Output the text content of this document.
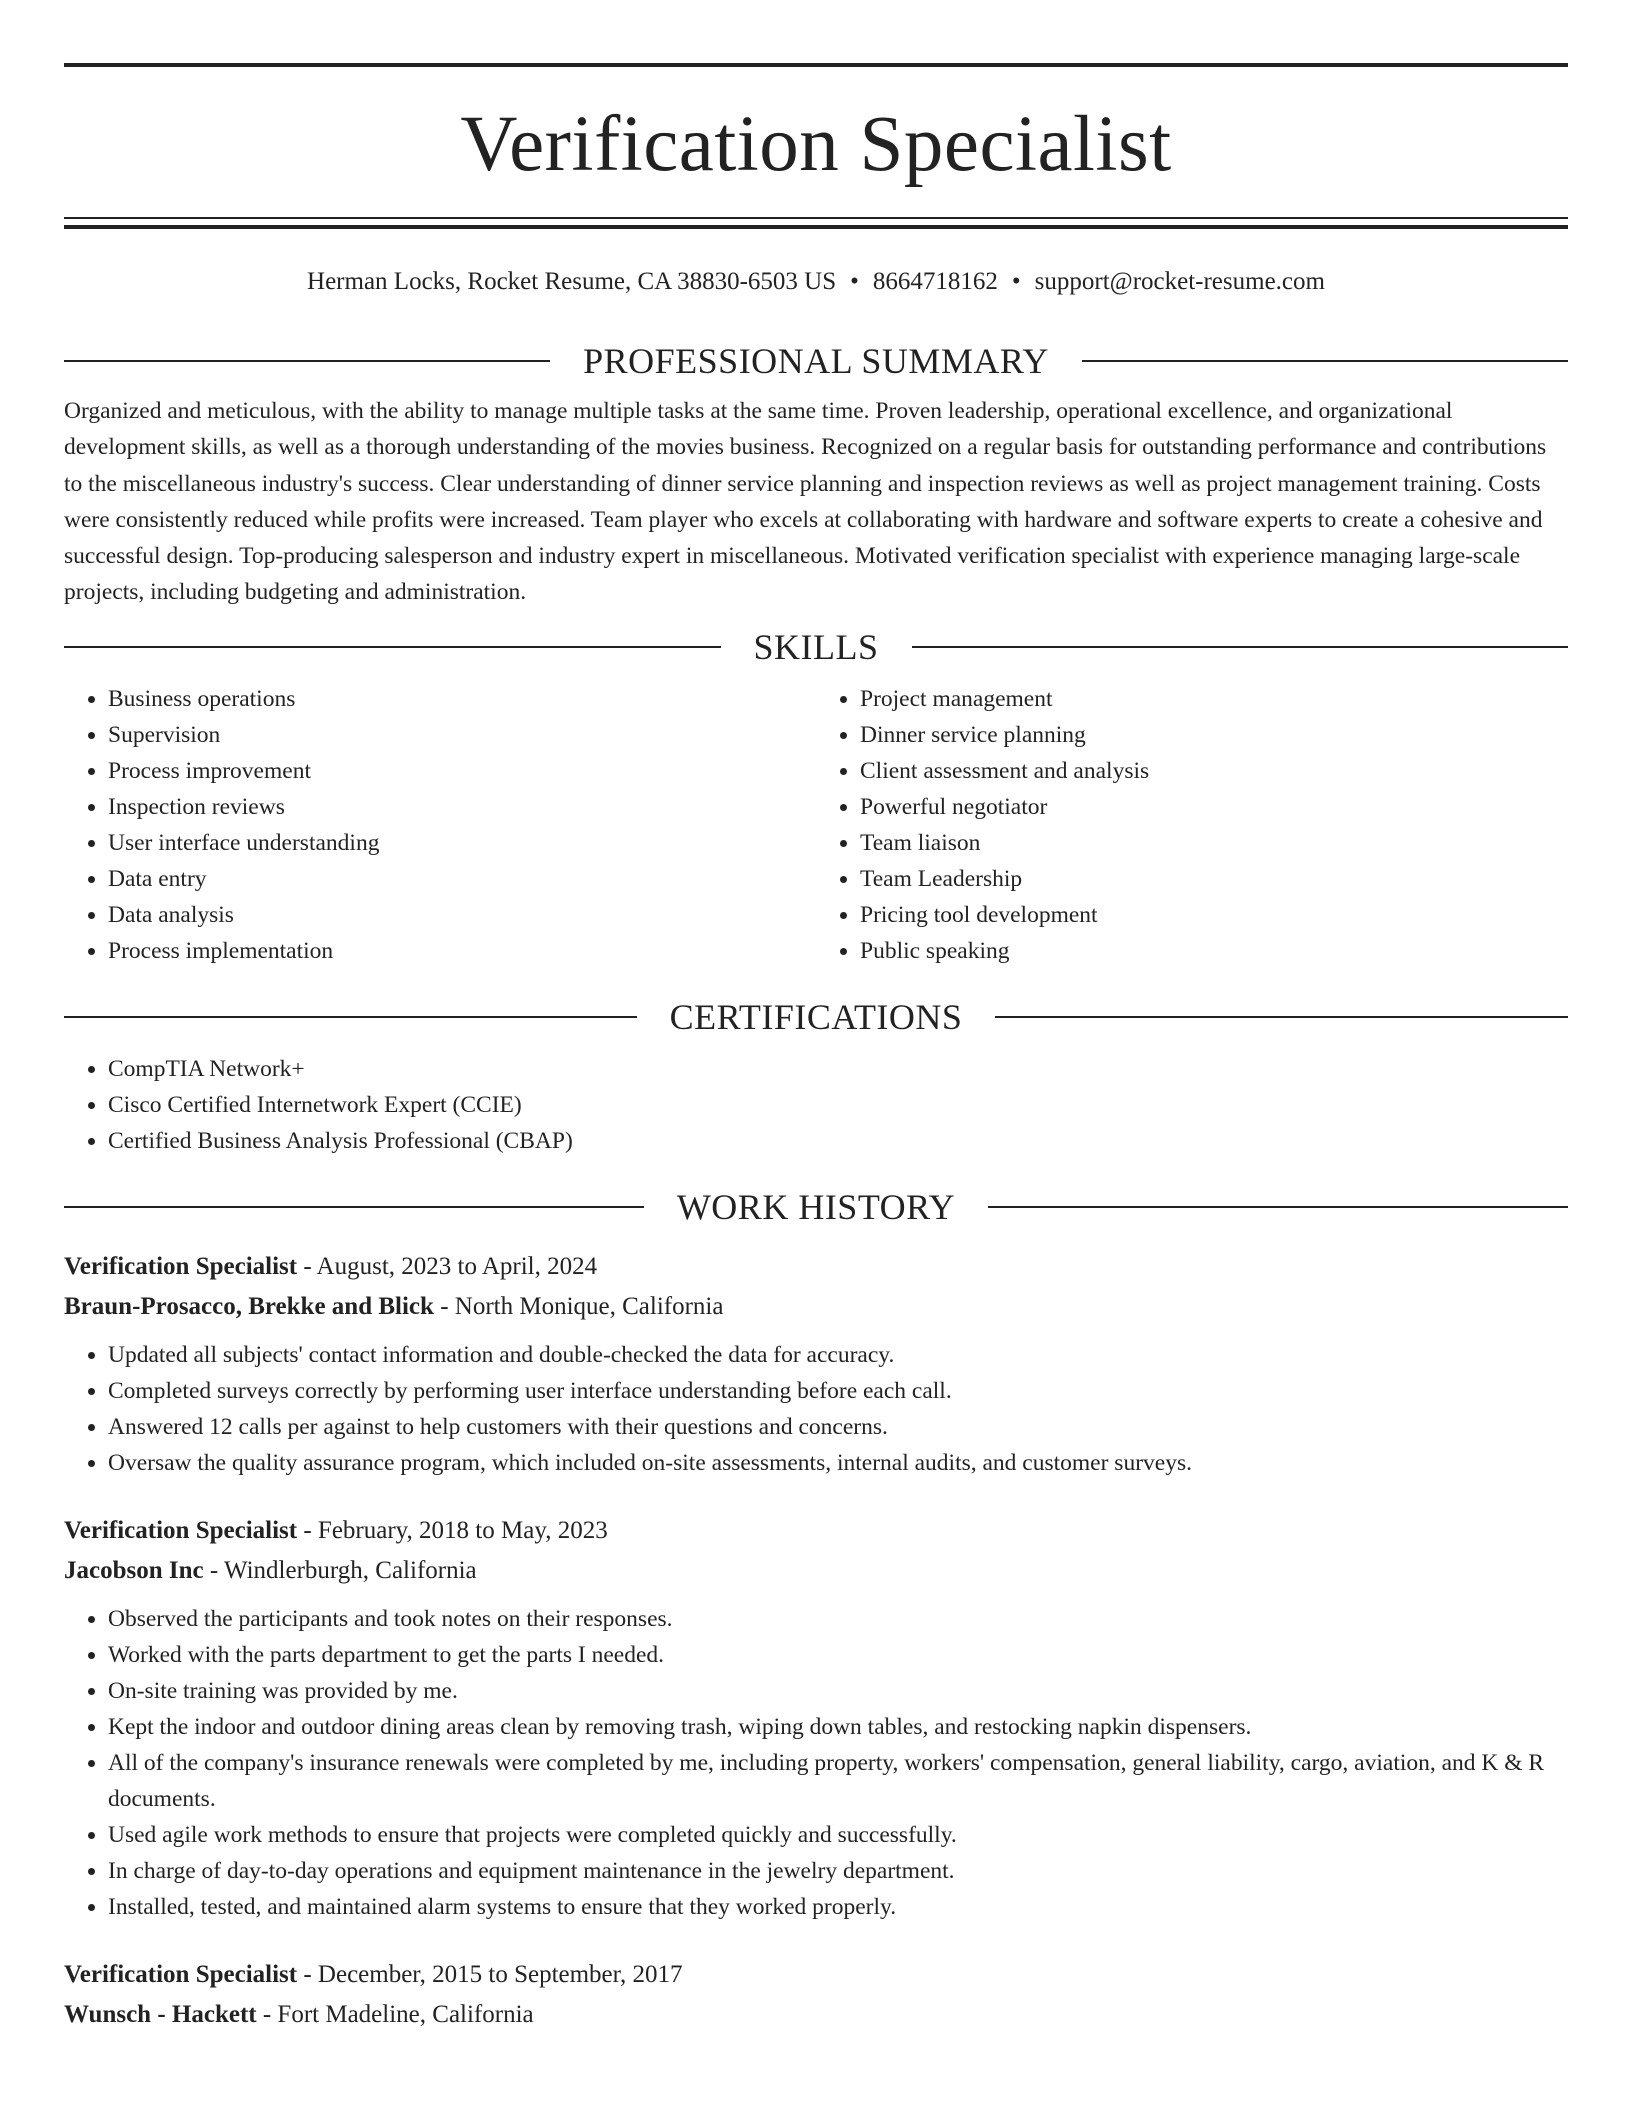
Verification Specialist
Herman Locks, Rocket Resume, CA 38830-6503 US • 8664718162 • support@rocket-resume.com
PROFESSIONAL SUMMARY

Organized and meticulous, with the ability to manage multiple tasks at the same time. Proven leadership, operational excellence, and organizational development skills, as well as a thorough understanding of the movies business. Recognized on a regular basis for outstanding performance and contributions to the miscellaneous industry's success. Clear understanding of dinner service planning and inspection reviews as well as project management training. Costs were consistently reduced while profits were increased. Team player who excels at collaborating with hardware and software experts to create a cohesive and successful design. Top-producing salesperson and industry expert in miscellaneous. Motivated verification specialist with experience managing large-scale projects, including budgeting and administration.

SKILLS
• Business operations
• Supervision
• Process improvement
• Inspection reviews
• User interface understanding
• Data entry
• Data analysis
• Process implementation
• Project management
• Dinner service planning
• Client assessment and analysis
• Powerful negotiator
• Team liaison
• Team Leadership
• Pricing tool development
• Public speaking
CERTIFICATIONS
• CompTIA Network+
• Cisco Certified Internetwork Expert (CCIE)
• Certified Business Analysis Professional (CBAP)
WORK HISTORY
Verification Specialist - August, 2023 to April, 2024
Braun-Prosacco, Brekke and Blick - North Monique, California
• Updated all subjects' contact information and double-checked the data for accuracy.
• Completed surveys correctly by performing user interface understanding before each call.
• Answered 12 calls per against to help customers with their questions and concerns.
• Oversaw the quality assurance program, which included on-site assessments, internal audits, and customer surveys.
Verification Specialist - February, 2018 to May, 2023
Jacobson Inc - Windlerburgh, California
• Observed the participants and took notes on their responses.
• Worked with the parts department to get the parts I needed.
• On-site training was provided by me.
• Kept the indoor and outdoor dining areas clean by removing trash, wiping down tables, and restocking napkin dispensers.
• All of the company's insurance renewals were completed by me, including property, workers' compensation, general liability, cargo, aviation, and K & R documents.
• Used agile work methods to ensure that projects were completed quickly and successfully.
• In charge of day-to-day operations and equipment maintenance in the jewelry department.
• Installed, tested, and maintained alarm systems to ensure that they worked properly.
Verification Specialist - December, 2015 to September, 2017
Wunsch - Hackett - Fort Madeline, California
